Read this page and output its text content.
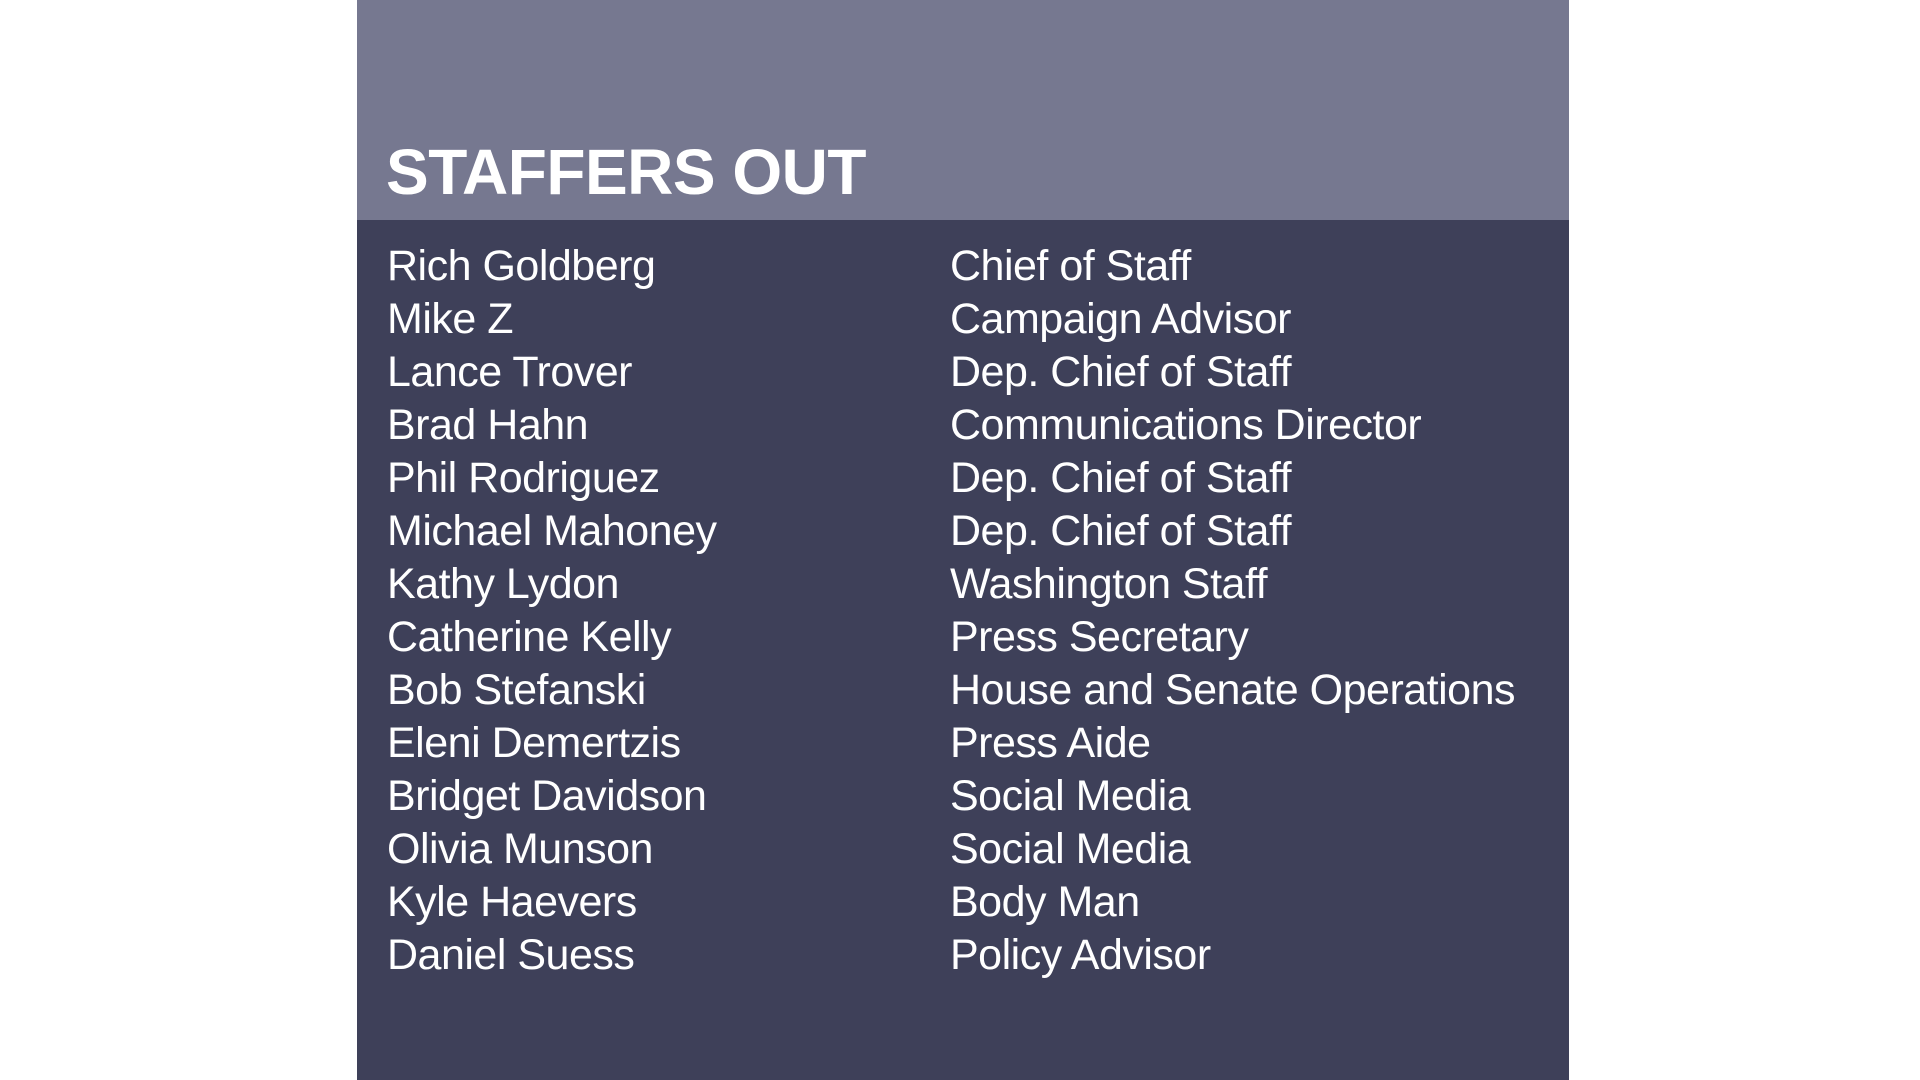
STAFFERS OUT
Rich Goldberg	Chief of Staff
Mike Z	Campaign Advisor
Lance Trover	Dep. Chief of Staff
Brad Hahn	Communications Director
Phil Rodriguez	Dep. Chief of Staff
Michael Mahoney	Dep. Chief of Staff
Kathy Lydon	Washington Staff
Catherine Kelly	Press Secretary
Bob Stefanski	House and Senate Operations
Eleni Demertzis	Press Aide
Bridget Davidson	Social Media
Olivia Munson	Social Media
Kyle Haevers	Body Man
Daniel Suess	Policy Advisor
